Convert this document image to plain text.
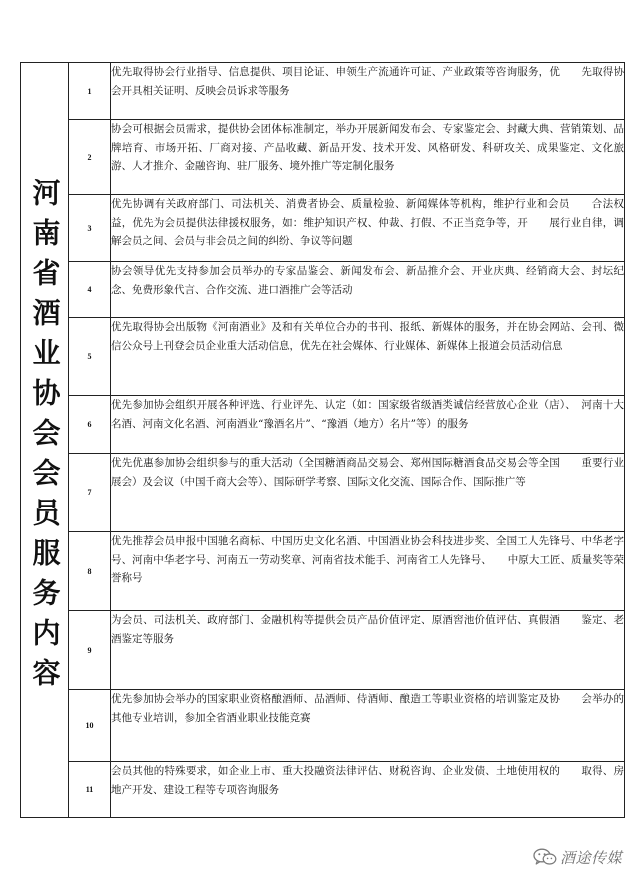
河南省酒业协会会员服务内容	1	优先取得协会行业指导、信息提供、项目论证、申领生产流通许可证、产业政策等咨询服务，优　　先取得协会开具相关证明、反映会员诉求等服务
	2	协会可根据会员需求，提供协会团体标准制定，举办开展新闻发布会、专家鉴定会、封藏大典、营销策划、品牌培育、市场开拓、厂商对接、产品收藏、新品开发、技术开发、风格研发、科研攻关、成果鉴定、文化旅游、人才推介、金融咨询、驻厂服务、境外推广等定制化服务
	3	优先协调有关政府部门、司法机关、消费者协会、质量检验、新闻媒体等机构，维护行业和会员　　合法权益，优先为会员提供法律援权服务，如：维护知识产权、仲裁、打假、不正当竞争等，开　　展行业自律，调解会员之间、会员与非会员之间的纠纷、争议等问题
	4	协会领导优先支持参加会员举办的专家品鉴会、新闻发布会、新品推介会、开业庆典、经销商大会、封坛纪念、免费形象代言、合作交流、进口酒推广会等活动
	5	优先取得协会出版物《河南酒业》及和有关单位合办的书刊、报纸、新媒体的服务，并在协会网站、会刊、微信公众号上刊登会员企业重大活动信息，优先在社会媒体、行业媒体、新媒体上报道会员活动信息
	6	优先参加协会组织开展各种评选、行业评先、认定（如：国家级省级酒类诚信经营放心企业（店）、　河南十大名酒、河南文化名酒、河南酒业“豫酒名片”、“豫酒（地方）名片”等）的服务
	7	优先优惠参加协会组织参与的重大活动（全国糖酒商品交易会、郑州国际糖酒食品交易会等全国　　重要行业展会）及会议（中国千商大会等）、国际研学考察、国际文化交流、国际合作、国际推广等
	8	优先推荐会员申报中国驰名商标、中国历史文化名酒、中国酒业协会科技进步奖、全国工人先锋号、中华老字号、河南中华老字号、河南五一劳动奖章、河南省技术能手、河南省工人先锋号、　　中原大工匠、质量奖等荣誉称号
	9	为会员、司法机关、政府部门、金融机构等提供会员产品价值评定、原酒窖池价值评估、真假酒　　鉴定、老酒鉴定等服务
	10	优先参加协会举办的国家职业资格酿酒师、品酒师、侍酒师、酿造工等职业资格的培训鉴定及协　　会举办的其他专业培训，参加全省酒业职业技能竞赛
	11	会员其他的特殊要求，如企业上市、重大投融资法律评估、财税咨询、企业发债、土地使用权的　　取得、房地产开发、建设工程等专项咨询服务
酒途传媒
